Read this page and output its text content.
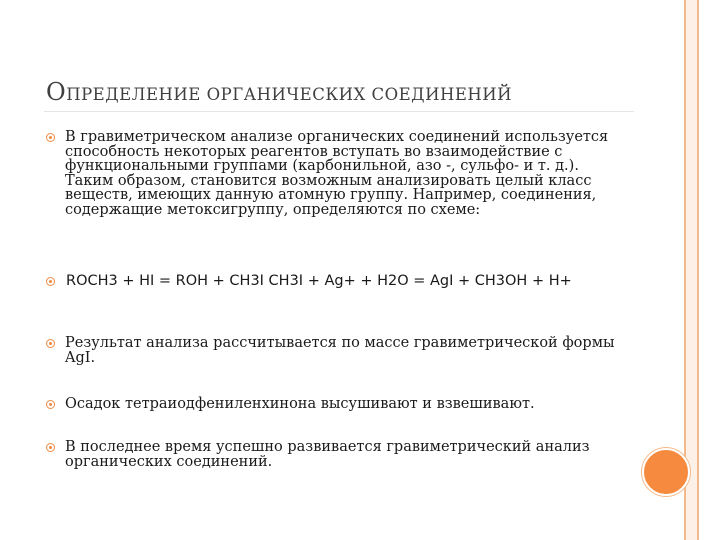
ОПРЕДЕЛЕНИЕ ОРГАНИЧЕСКИХ СОЕДИНЕНИЙ
В гравиметрическом анализе органических соединений используется способность некоторых реагентов вступать во взаимодействие с функциональными группами (карбонильной, азо -, сульфо- и т. д.). Таким образом, становится возможным анализировать целый класс веществ, имеющих данную атомную группу. Например, соединения, содержащие метоксигруппу, определяются по схеме:
ROCH3 + HI = ROH + CH3I CH3I + Ag+ + H2O = AgI + CH3OH + H+
Результат анализа рассчитывается по массе гравиметрической формы AgI.
Осадок тетраиодфениленхинона высушивают и взвешивают.
В последнее время успешно развивается гравиметрический анализ органических соединений.
